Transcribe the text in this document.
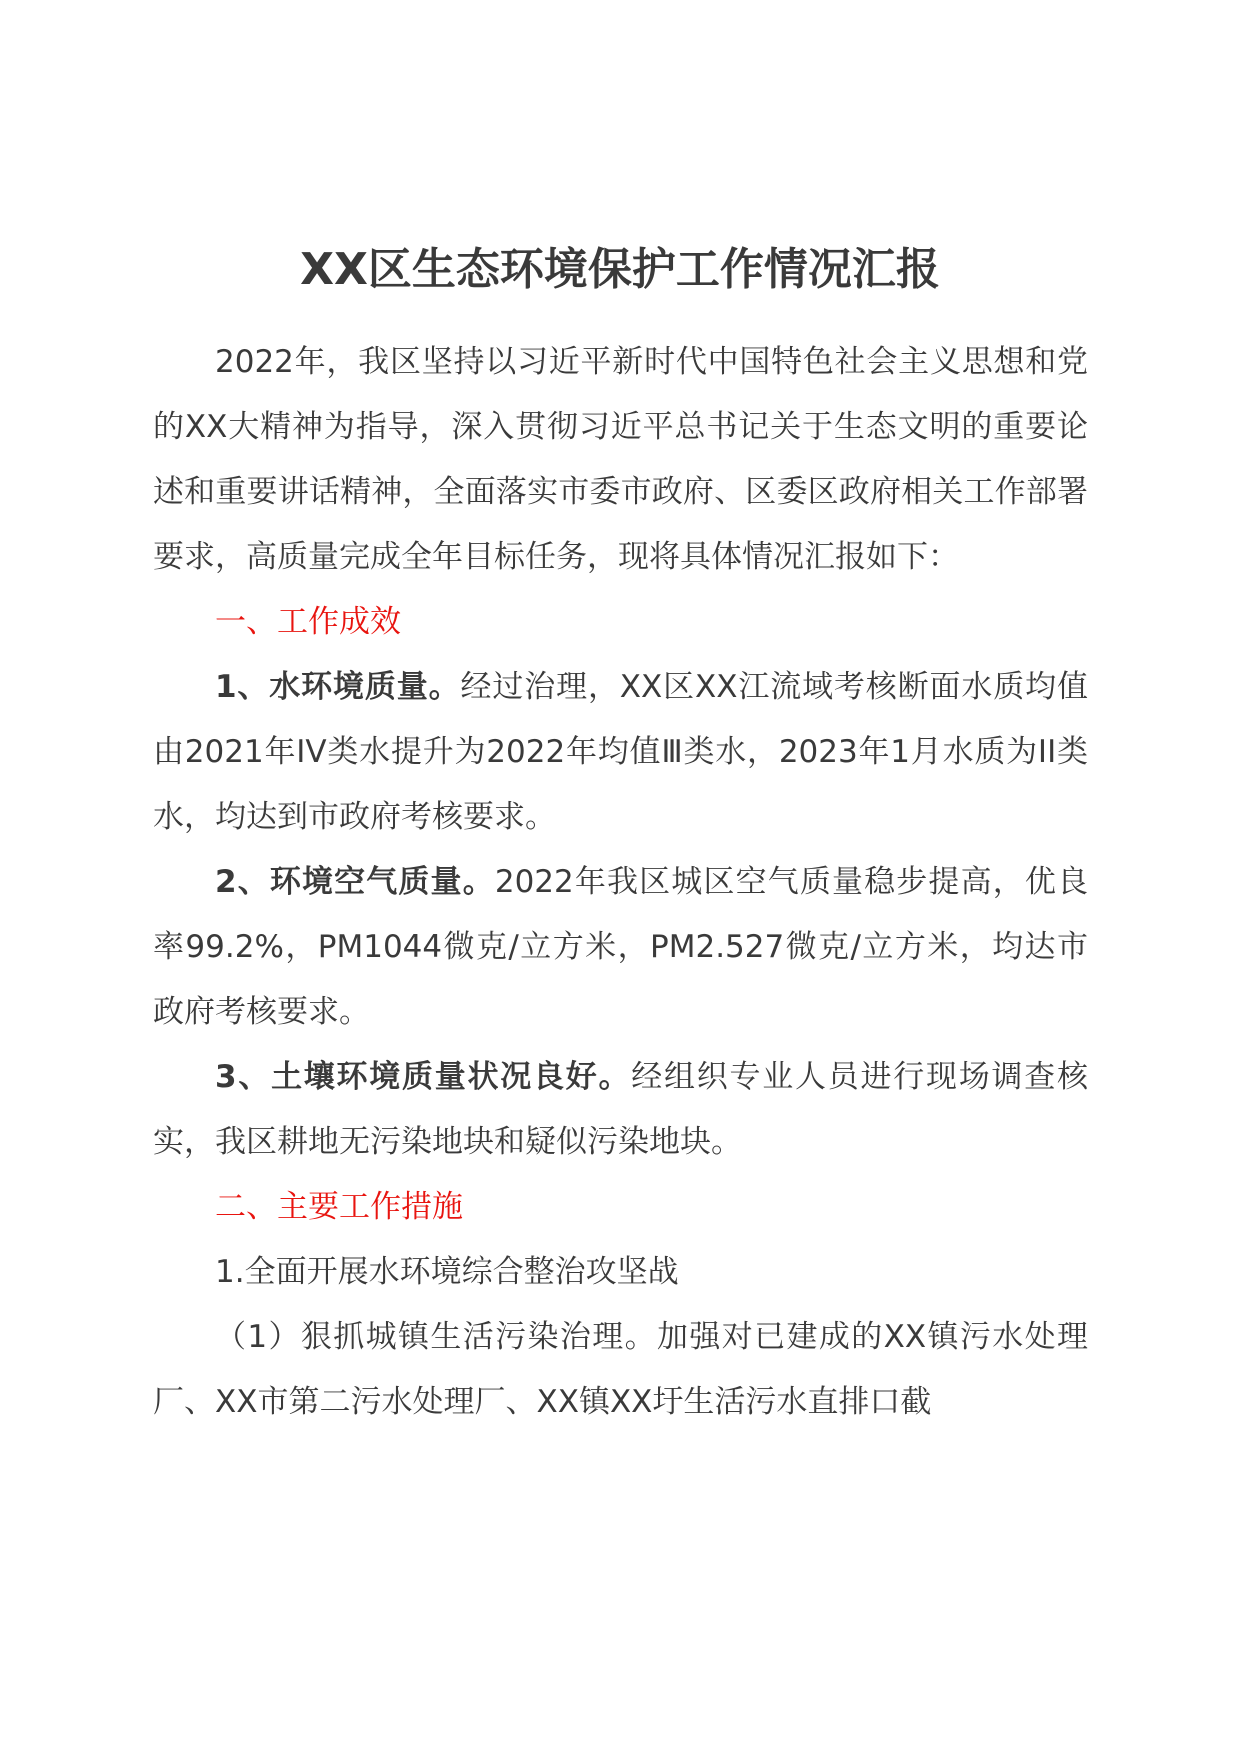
XX区生态环境保护工作情况汇报

2022年，我区坚持以习近平新时代中国特色社会主义思想和党的XX大精神为指导，深入贯彻习近平总书记关于生态文明的重要论述和重要讲话精神，全面落实市委市政府、区委区政府相关工作部署要求，高质量完成全年目标任务，现将具体情况汇报如下：

一、工作成效

1、水环境质量。经过治理，XX区XX江流域考核断面水质均值由2021年IV类水提升为2022年均值Ⅲ类水，2023年1月水质为II类水，均达到市政府考核要求。

2、环境空气质量。2022年我区城区空气质量稳步提高，优良率99.2%，PM1044微克/立方米，PM2.527微克/立方米，均达市政府考核要求。

3、土壤环境质量状况良好。经组织专业人员进行现场调查核实，我区耕地无污染地块和疑似污染地块。

二、主要工作措施

1.全面开展水环境综合整治攻坚战

（1）狠抓城镇生活污染治理。加强对已建成的XX镇污水处理厂、XX市第二污水处理厂、XX镇XX圩生活污水直排口截
